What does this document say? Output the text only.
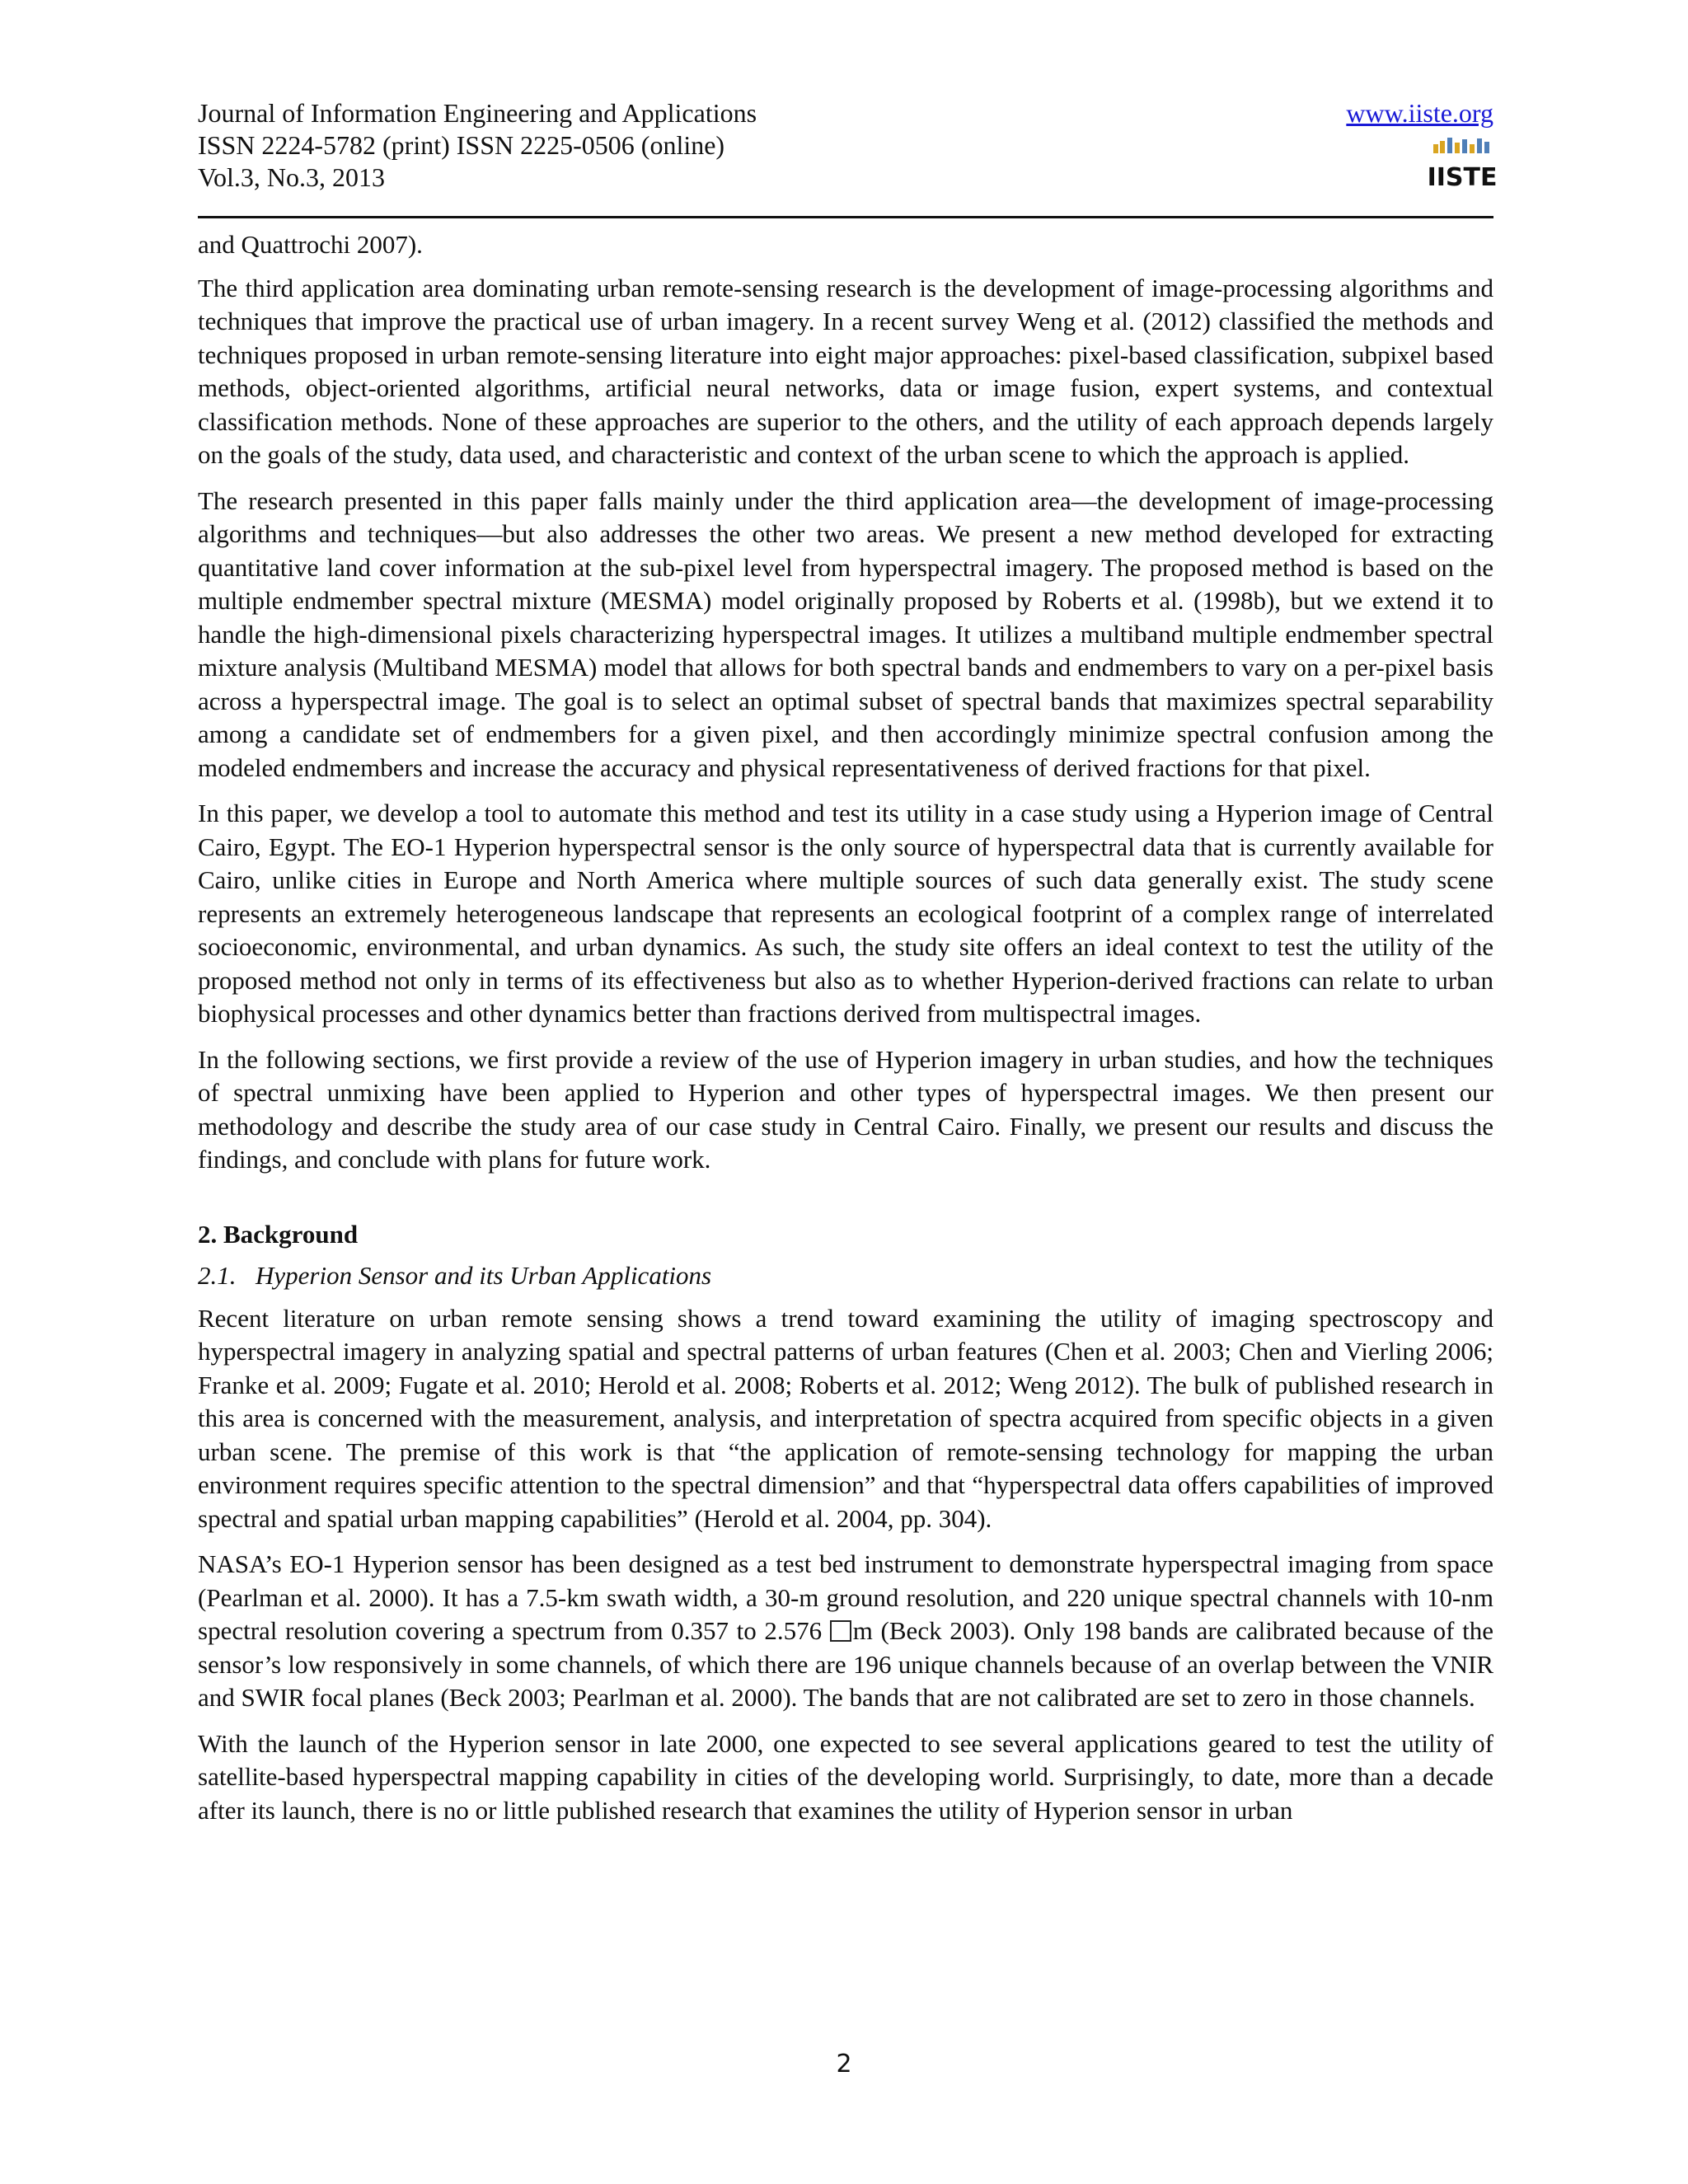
Journal of Information Engineering and Applications
ISSN 2224-5782 (print) ISSN 2225-0506 (online)
Vol.3, No.3, 2013
www.iiste.org
IISTE

and Quattrochi 2007).

The third application area dominating urban remote-sensing research is the development of image-processing algorithms and techniques that improve the practical use of urban imagery. In a recent survey Weng et al. (2012) classified the methods and techniques proposed in urban remote-sensing literature into eight major approaches: pixel-based classification, subpixel based methods, object-oriented algorithms, artificial neural networks, data or image fusion, expert systems, and contextual classification methods. None of these approaches are superior to the others, and the utility of each approach depends largely on the goals of the study, data used, and characteristic and context of the urban scene to which the approach is applied.

The research presented in this paper falls mainly under the third application area—the development of image-processing algorithms and techniques—but also addresses the other two areas. We present a new method developed for extracting quantitative land cover information at the sub-pixel level from hyperspectral imagery. The proposed method is based on the multiple endmember spectral mixture (MESMA) model originally proposed by Roberts et al. (1998b), but we extend it to handle the high-dimensional pixels characterizing hyperspectral images. It utilizes a multiband multiple endmember spectral mixture analysis (Multiband MESMA) model that allows for both spectral bands and endmembers to vary on a per-pixel basis across a hyperspectral image. The goal is to select an optimal subset of spectral bands that maximizes spectral separability among a candidate set of endmembers for a given pixel, and then accordingly minimize spectral confusion among the modeled endmembers and increase the accuracy and physical representativeness of derived fractions for that pixel.

In this paper, we develop a tool to automate this method and test its utility in a case study using a Hyperion image of Central Cairo, Egypt. The EO-1 Hyperion hyperspectral sensor is the only source of hyperspectral data that is currently available for Cairo, unlike cities in Europe and North America where multiple sources of such data generally exist. The study scene represents an extremely heterogeneous landscape that represents an ecological footprint of a complex range of interrelated socioeconomic, environmental, and urban dynamics. As such, the study site offers an ideal context to test the utility of the proposed method not only in terms of its effectiveness but also as to whether Hyperion-derived fractions can relate to urban biophysical processes and other dynamics better than fractions derived from multispectral images.

In the following sections, we first provide a review of the use of Hyperion imagery in urban studies, and how the techniques of spectral unmixing have been applied to Hyperion and other types of hyperspectral images. We then present our methodology and describe the study area of our case study in Central Cairo. Finally, we present our results and discuss the findings, and conclude with plans for future work.

2. Background
2.1. Hyperion Sensor and its Urban Applications

Recent literature on urban remote sensing shows a trend toward examining the utility of imaging spectroscopy and hyperspectral imagery in analyzing spatial and spectral patterns of urban features (Chen et al. 2003; Chen and Vierling 2006; Franke et al. 2009; Fugate et al. 2010; Herold et al. 2008; Roberts et al. 2012; Weng 2012). The bulk of published research in this area is concerned with the measurement, analysis, and interpretation of spectra acquired from specific objects in a given urban scene. The premise of this work is that “the application of remote-sensing technology for mapping the urban environment requires specific attention to the spectral dimension” and that “hyperspectral data offers capabilities of improved spectral and spatial urban mapping capabilities” (Herold et al. 2004, pp. 304).

NASA’s EO-1 Hyperion sensor has been designed as a test bed instrument to demonstrate hyperspectral imaging from space (Pearlman et al. 2000). It has a 7.5-km swath width, a 30-m ground resolution, and 220 unique spectral channels with 10-nm spectral resolution covering a spectrum from 0.357 to 2.576 m (Beck 2003). Only 198 bands are calibrated because of the sensor’s low responsively in some channels, of which there are 196 unique channels because of an overlap between the VNIR and SWIR focal planes (Beck 2003; Pearlman et al. 2000). The bands that are not calibrated are set to zero in those channels.

With the launch of the Hyperion sensor in late 2000, one expected to see several applications geared to test the utility of satellite-based hyperspectral mapping capability in cities of the developing world. Surprisingly, to date, more than a decade after its launch, there is no or little published research that examines the utility of Hyperion sensor in urban

2
